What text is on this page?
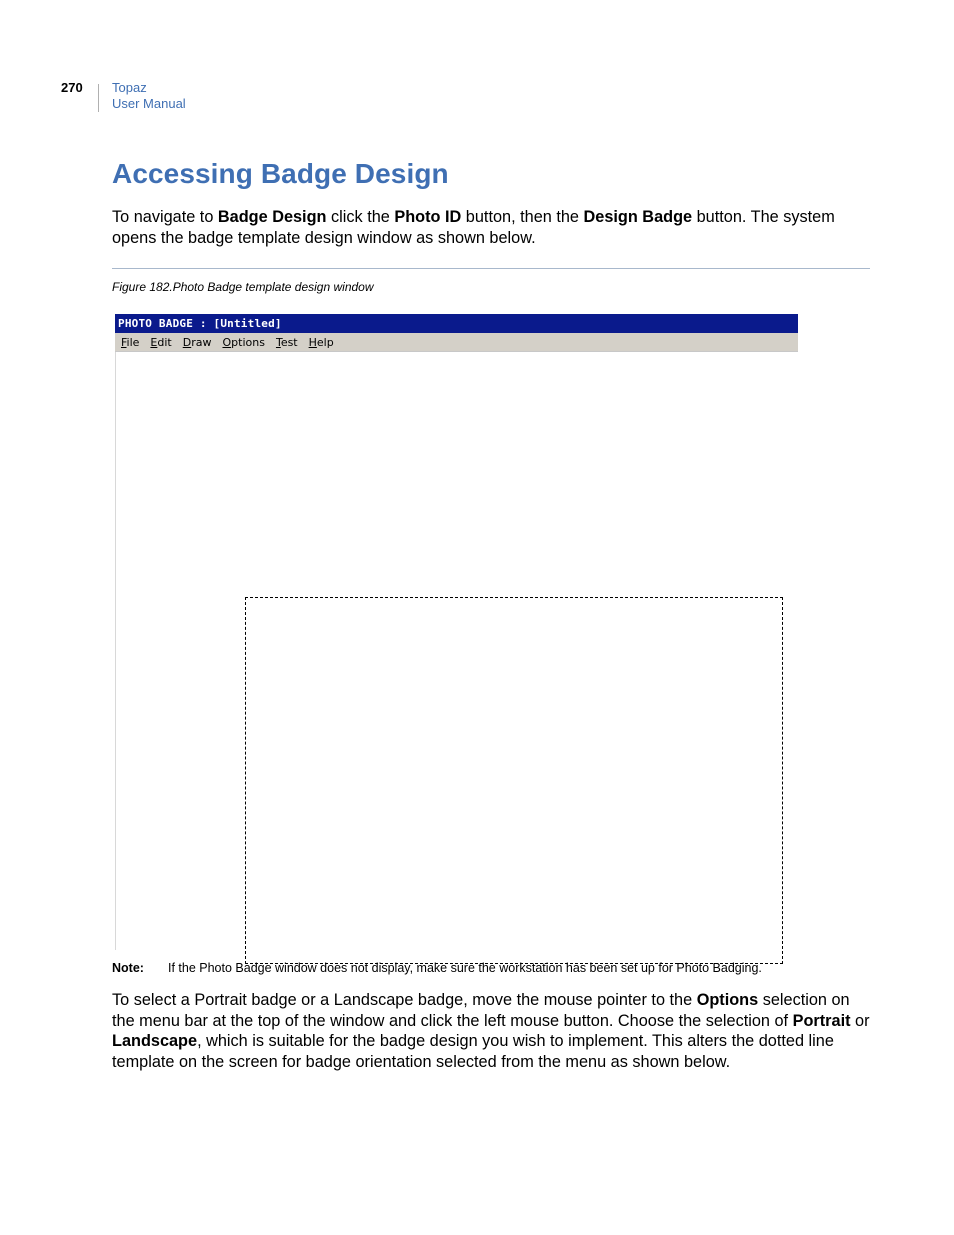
270 Topaz
User Manual
Accessing Badge Design

To navigate to Badge Design click the Photo ID button, then the Design Badge button. The system opens the badge template design window as shown below.

Figure 182.Photo Badge template design window
PHOTO BADGE : [Untitled]
File	Edit	Draw	Options	Test	Help
Note: If the Photo Badge window does not display, make sure the workstation has been set up for Photo Badging.

To select a Portrait badge or a Landscape badge, move the mouse pointer to the Options selection on the menu bar at the top of the window and click the left mouse button. Choose the selection of Portrait or Landscape, which is suitable for the badge design you wish to implement. This alters the dotted line template on the screen for badge orientation selected from the menu as shown below.
